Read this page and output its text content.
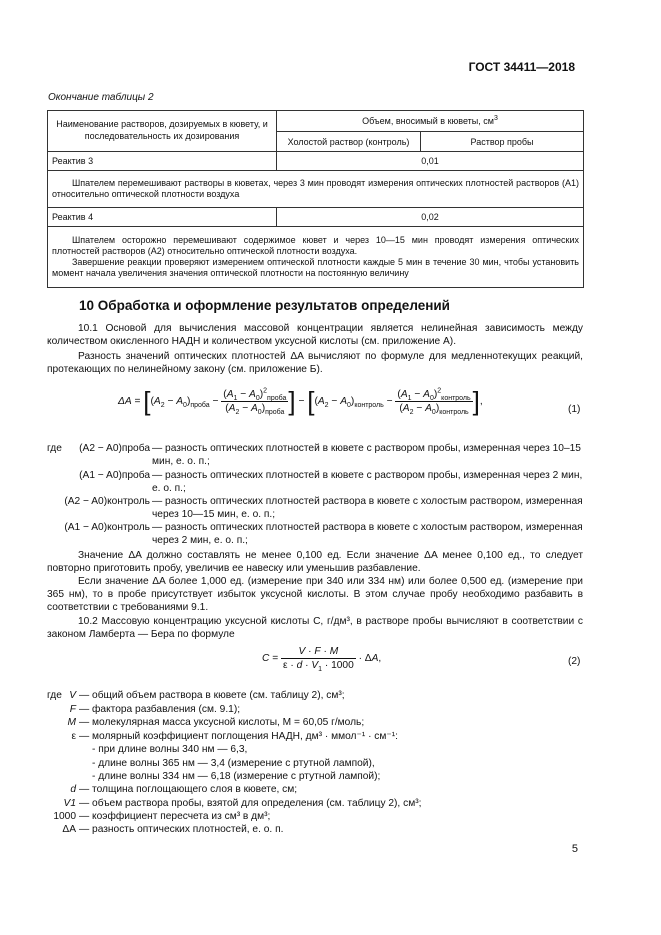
ГОСТ 34411—2018
Окончание таблицы 2
Наименование растворов, дозируемых в кювету, и последовательность их дозирования	Объем, вносимый в кюветы, $см^3$
	Холостой раствор (контроль)	Раствор пробы
Реактив 3	0,01	
Шпателем перемешивают растворы в кюветах, через 3 мин проводят измерения оптических плотностей растворов (A1) относительно оптической плотности воздуха		
Реактив 4	0,02	

Шпателем осторожно перемешивают содержимое кювет и через 10—15 мин проводят измерения оптических плотностей растворов (A2) относительно оптической плотности воздуха.
Завершение реакции проверяют измерением оптической плотности каждые 5 мин в течение 30 мин, чтобы установить момент начала увеличения значения оптической плотности на постоянную величину		
10 Обработка и оформление результатов определений
10.1 Основой для вычисления массовой концентрации является нелинейная зависимость между количеством окисленного НАДН и количеством уксусной кислоты (см. приложение А).
Разность значений оптических плотностей ΔA вычисляют по формуле для медленнотекущих реакций, протекающих по нелинейному закону (см. приложение Б).
$\Delta A = [(A_2 - A_0)_{проба} - \frac{(A_1 - A_0)^2_{проба}}{(A_2 - A_0)_{проба}}$ ] − [$(A_2 - A_0)_{контроль} - \frac{(A_1 - A_0)^2_{контроль}}{(A_2 - A_0)_{контроль}}$ ],
(1)
где	(A2 − A0)проба — разность оптических плотностей в кювете с раствором пробы, измеренная через 10–15 мин, е. о. п.;
(A1 − A0)проба — разность оптических плотностей в кювете с раствором пробы, измеренная через 2 мин, е. о. п.;
(A2 − A0)контроль — разность оптических плотностей раствора в кювете с холостым раствором, измеренная через 10—15 мин, е. о. п.;
(A1 − A0)контроль — разность оптических плотностей раствора в кювете с холостым раствором, измеренная через 2 мин, е. о. п.;
Значение ΔA должно составлять не менее 0,100 ед. Если значение ΔA менее 0,100 ед., то следует повторно приготовить пробу, увеличив ее навеску или уменьшив разбавление.
Если значение ΔA более 1,000 ед. (измерение при 340 или 334 нм) или более 0,500 ед. (измерение при 365 нм), то в пробе присутствует избыток уксусной кислоты. В этом случае пробу необходимо разбавить в соответствии с требованиями 9.1.
10.2 Массовую концентрацию уксусной кислоты C, г/дм³, в растворе пробы вычисляют в соответствии с законом Ламберта — Бера по формуле
$C = \frac{V \cdot F \cdot M}{\varepsilon \cdot d \cdot V_1 \cdot 1000} \cdot \Delta A$,	(2)
где V — общий объем раствора в кювете (см. таблицу 2), см³;
F — фактора разбавления (см. 9.1);
M — молекулярная масса уксусной кислоты, M = 60,05 г/моль;
ε — молярный коэффициент поглощения НАДН, дм³ · ммол⁻¹ · см⁻¹:
- при длине волны 340 нм — 6,3,
- длине волны 365 нм — 3,4 (измерение с ртутной лампой),
- длине волны 334 нм — 6,18 (измерение с ртутной лампой);
d — толщина поглощающего слоя в кювете, см;
V1 — объем раствора пробы, взятой для определения (см. таблицу 2), см³;
1000 — коэффициент пересчета из см³ в дм³;
ΔA — разность оптических плотностей, е. о. п.
5
